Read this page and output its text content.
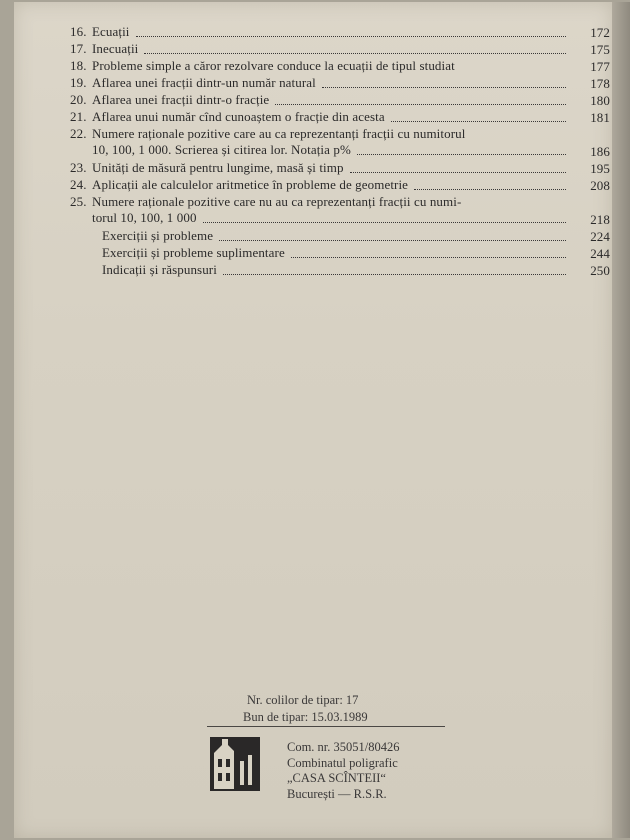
16. Ecuații	172
17. Inecuații	175
18. Probleme simple a căror rezolvare conduce la ecuații de tipul studiat	177
19. Aflarea unei fracții dintr-un număr natural	178
20. Aflarea unei fracții dintr-o fracție	180
21. Aflarea unui număr cînd cunoaștem o fracție din acesta	181
22. Numere raționale pozitive care au ca reprezentanți fracții cu numitorul
10, 100, 1 000. Scrierea și citirea lor. Notația p%	186
23. Unități de măsură pentru lungime, masă și timp	195
24. Aplicații ale calculelor aritmetice în probleme de geometrie	208
25. Numere raționale pozitive care nu au ca reprezentanți fracții cu numi-
torul 10, 100, 1 000	218
Exerciții și probleme	224
Exerciții și probleme suplimentare	244
Indicații și răspunsuri	250
Nr. colilor de tipar: 17
Bun de tipar: 15.03.1989
Com. nr. 35051/80426
Combinatul poligrafic
„CASA SCÎNTEII“
București — R.S.R.
